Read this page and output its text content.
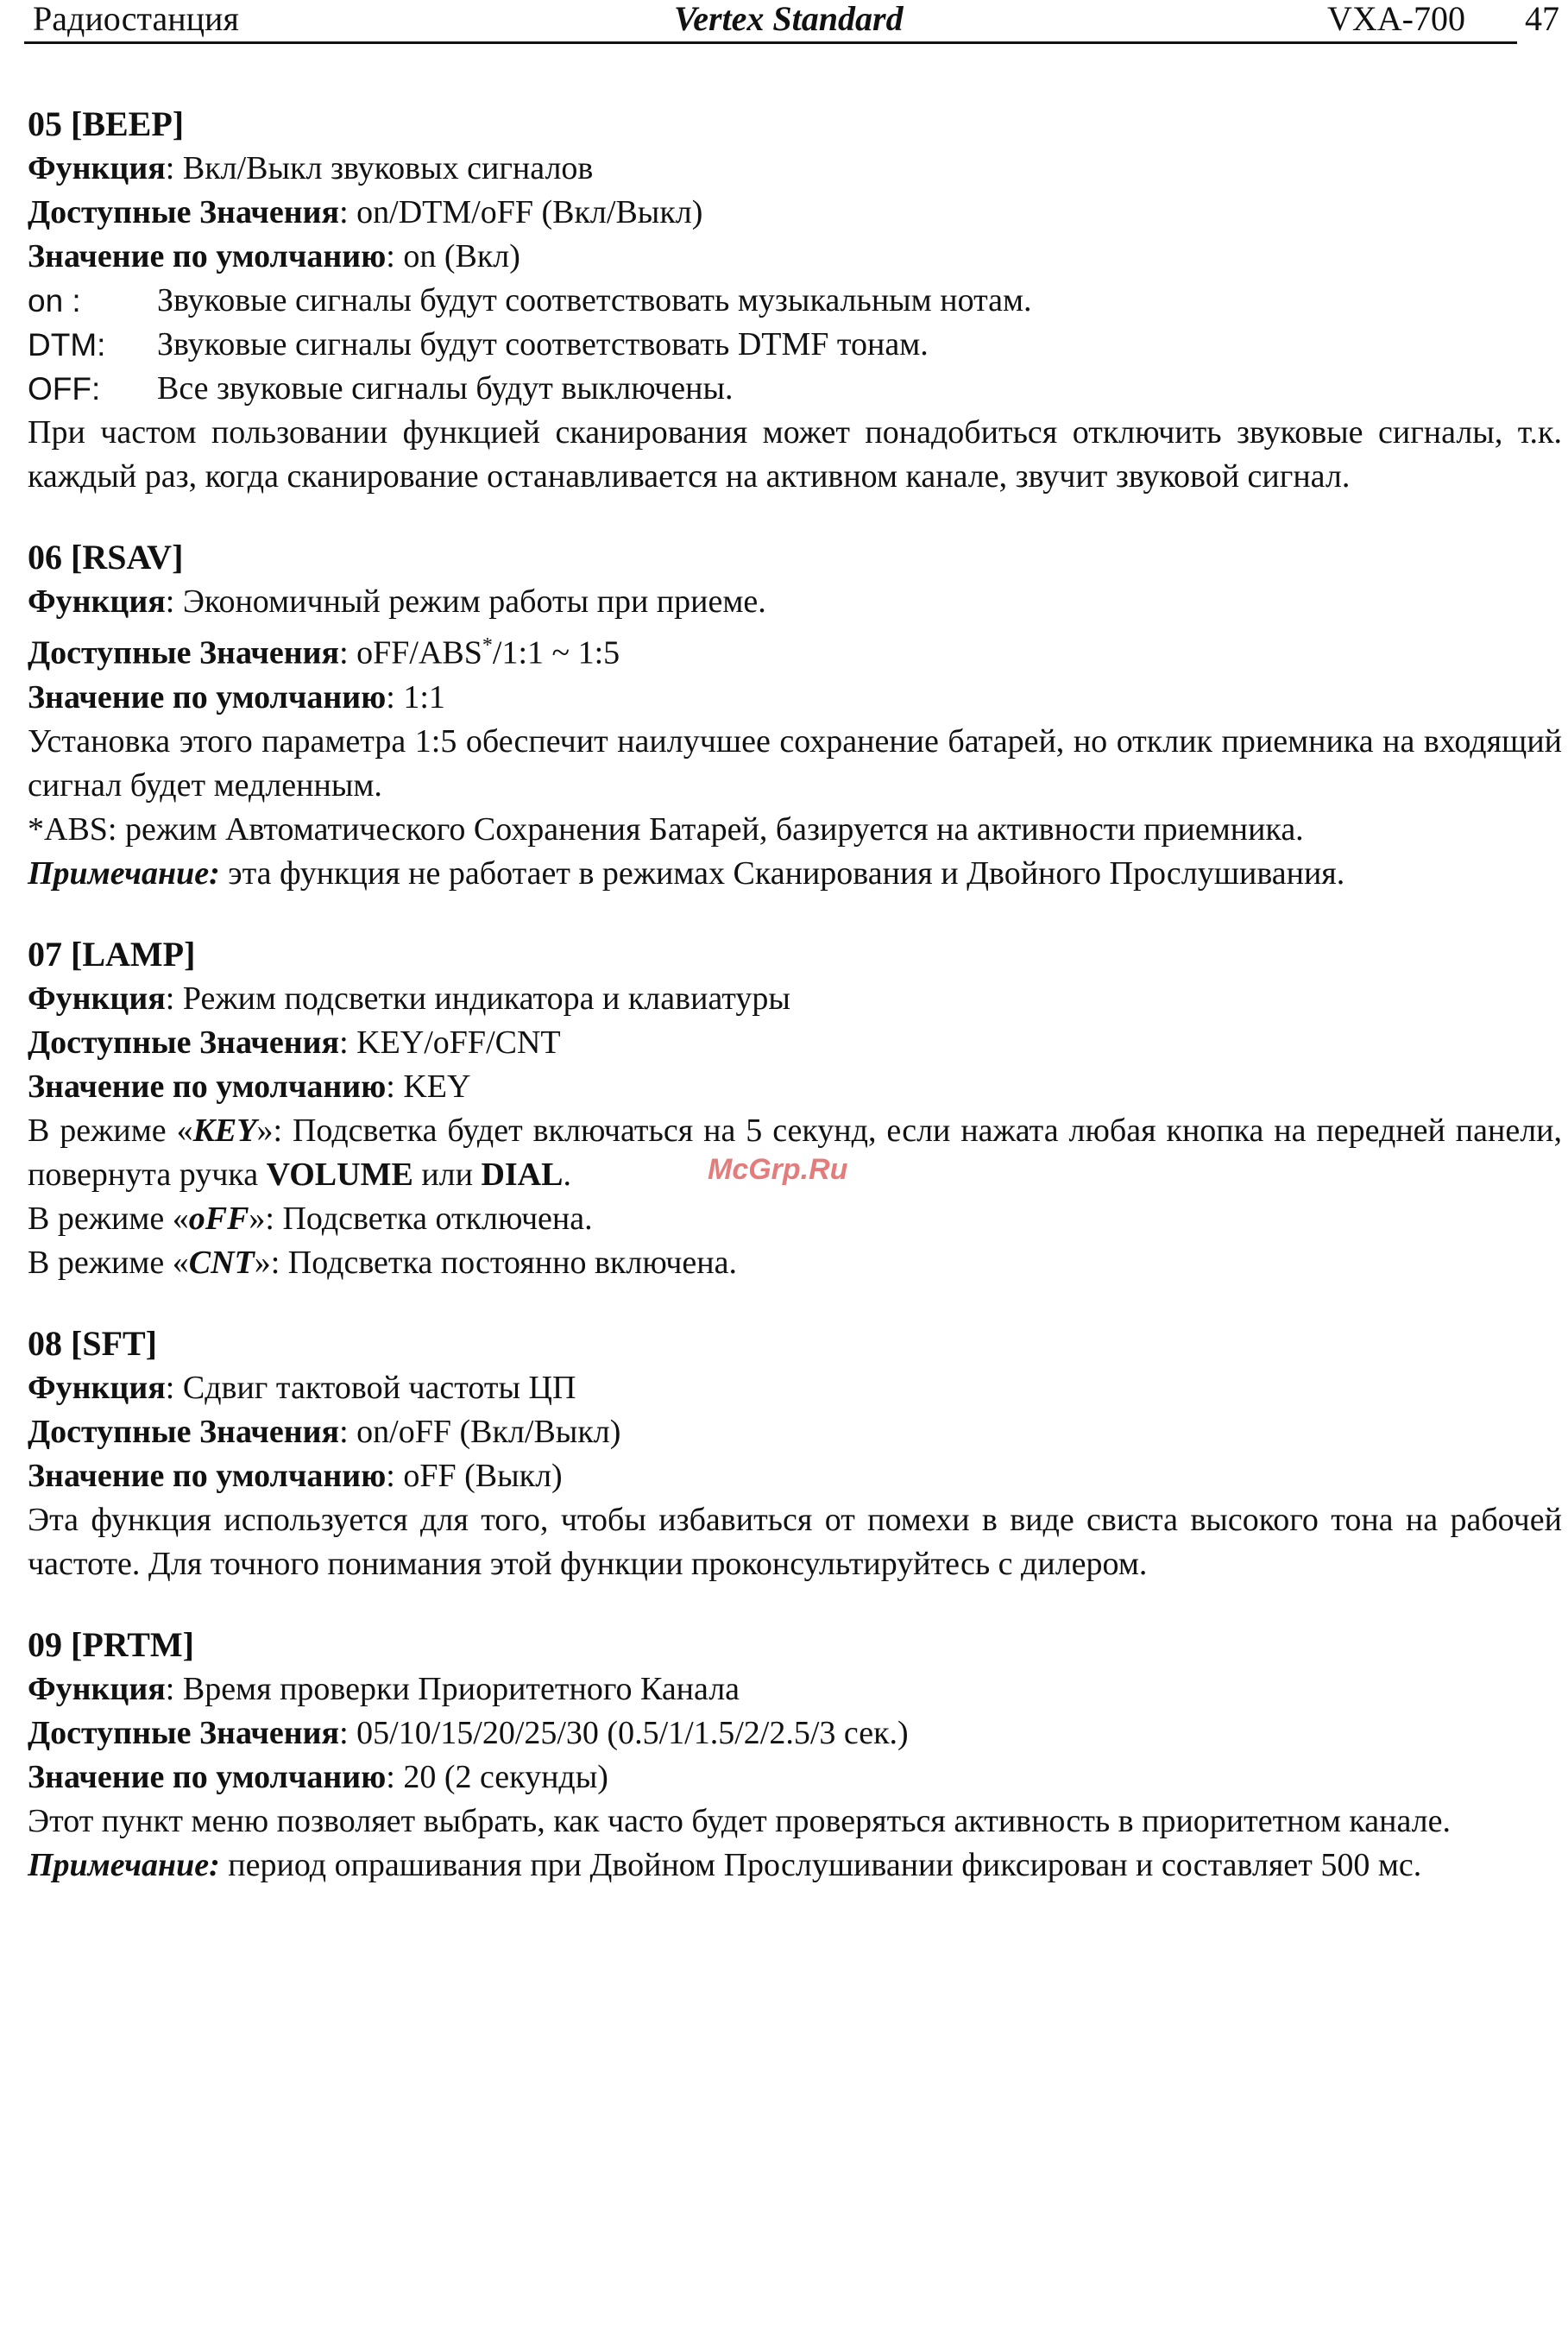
Радиостанция	Vertex Standard	VXA-700 47
05 [BEEP]
Функция: Вкл/Выкл звуковых сигналов
Доступные Значения: on/DTM/oFF (Вкл/Выкл)
Значение по умолчанию: on (Вкл)
on :	Звуковые сигналы будут соответствовать музыкальным нотам.
DTM:	Звуковые сигналы будут соответствовать DTMF тонам.
OFF:	Все звуковые сигналы будут выключены.
При частом пользовании функцией сканирования может понадобиться отключить звуковые сигналы, т.к. каждый раз, когда сканирование останавливается на активном канале, звучит звуковой сигнал.
06 [RSAV]
Функция: Экономичный режим работы при приеме.
Доступные Значения: oFF/ABS*/1:1 ~ 1:5
Значение по умолчанию: 1:1
Установка этого параметра 1:5 обеспечит наилучшее сохранение батарей, но отклик приемника на входящий сигнал будет медленным.
*ABS: режим Автоматического Сохранения Батарей, базируется на активности приемника.
Примечание: эта функция не работает в режимах Сканирования и Двойного Прослушивания.
07 [LAMP]
Функция: Режим подсветки индикатора и клавиатуры
Доступные Значения: KEY/oFF/CNT
Значение по умолчанию: KEY
В режиме «KEY»: Подсветка будет включаться на 5 секунд, если нажата любая кнопка на передней панели, повернута ручка VOLUME или DIAL.
В режиме «oFF»: Подсветка отключена.
В режиме «CNT»: Подсветка постоянно включена.
08 [SFT]
Функция: Сдвиг тактовой частоты ЦП
Доступные Значения: on/oFF (Вкл/Выкл)
Значение по умолчанию: oFF (Выкл)
Эта функция используется для того, чтобы избавиться от помехи в виде свиста высокого тона на рабочей частоте. Для точного понимания этой функции проконсультируйтесь с дилером.
09 [PRTM]
Функция: Время проверки Приоритетного Канала
Доступные Значения: 05/10/15/20/25/30 (0.5/1/1.5/2/2.5/3 сек.)
Значение по умолчанию: 20 (2 секунды)
Этот пункт меню позволяет выбрать, как часто будет проверяться активность в приоритетном канале.
Примечание: период опрашивания при Двойном Прослушивании фиксирован и составляет 500 мс.
McGrp.Ru
